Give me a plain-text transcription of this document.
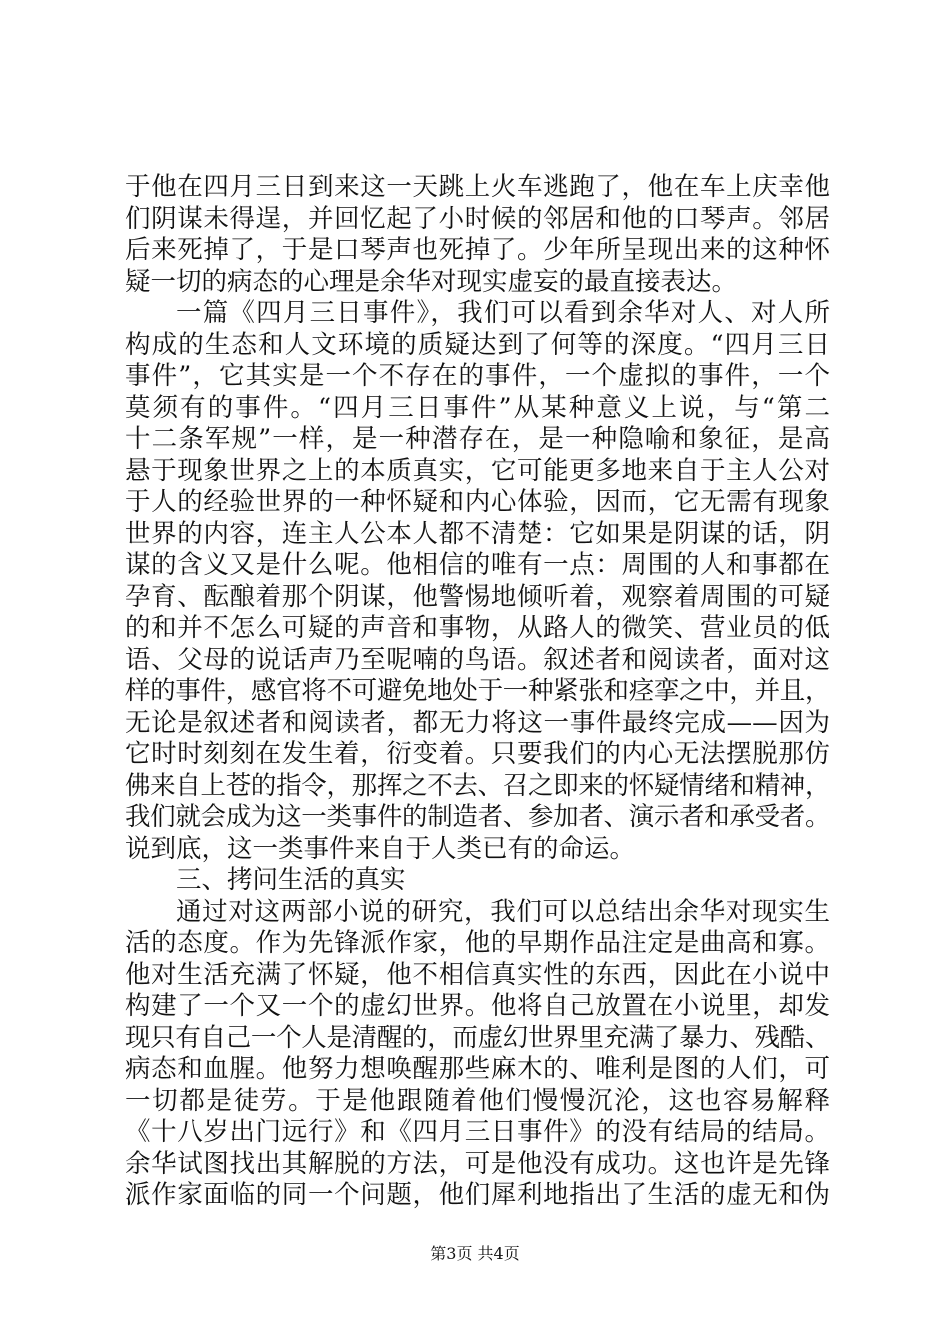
于他在四月三日到来这一天跳上火车逃跑了，他在车上庆幸他
们阴谋未得逞，并回忆起了小时候的邻居和他的口琴声。邻居
后来死掉了，于是口琴声也死掉了。少年所呈现出来的这种怀
疑一切的病态的心理是余华对现实虚妄的最直接表达。
一篇《四月三日事件》，我们可以看到余华对人、对人所
构成的生态和人文环境的质疑达到了何等的深度。“四月三日
事件”，它其实是一个不存在的事件，一个虚拟的事件，一个
莫须有的事件。“四月三日事件”从某种意义上说，与“第二
十二条军规”一样，是一种潜存在，是一种隐喻和象征，是高
悬于现象世界之上的本质真实，它可能更多地来自于主人公对
于人的经验世界的一种怀疑和内心体验，因而，它无需有现象
世界的内容，连主人公本人都不清楚：它如果是阴谋的话，阴
谋的含义又是什么呢。他相信的唯有一点：周围的人和事都在
孕育、酝酿着那个阴谋，他警惕地倾听着，观察着周围的可疑
的和并不怎么可疑的声音和事物，从路人的微笑、营业员的低
语、父母的说话声乃至呢喃的鸟语。叙述者和阅读者，面对这
样的事件，感官将不可避免地处于一种紧张和痉挛之中，并且，
无论是叙述者和阅读者，都无力将这一事件最终完成——因为
它时时刻刻在发生着，衍变着。只要我们的内心无法摆脱那仿
佛来自上苍的指令，那挥之不去、召之即来的怀疑情绪和精神，
我们就会成为这一类事件的制造者、参加者、演示者和承受者。
说到底，这一类事件来自于人类已有的命运。
三、拷问生活的真实
通过对这两部小说的研究，我们可以总结出余华对现实生
活的态度。作为先锋派作家，他的早期作品注定是曲高和寡。
他对生活充满了怀疑，他不相信真实性的东西，因此在小说中
构建了一个又一个的虚幻世界。他将自己放置在小说里，却发
现只有自己一个人是清醒的，而虚幻世界里充满了暴力、残酷、
病态和血腥。他努力想唤醒那些麻木的、唯利是图的人们，可
一切都是徒劳。于是他跟随着他们慢慢沉沦，这也容易解释
《十八岁出门远行》和《四月三日事件》的没有结局的结局。
余华试图找出其解脱的方法，可是他没有成功。这也许是先锋
派作家面临的同一个问题，他们犀利地指出了生活的虚无和伪
第3页 共4页
